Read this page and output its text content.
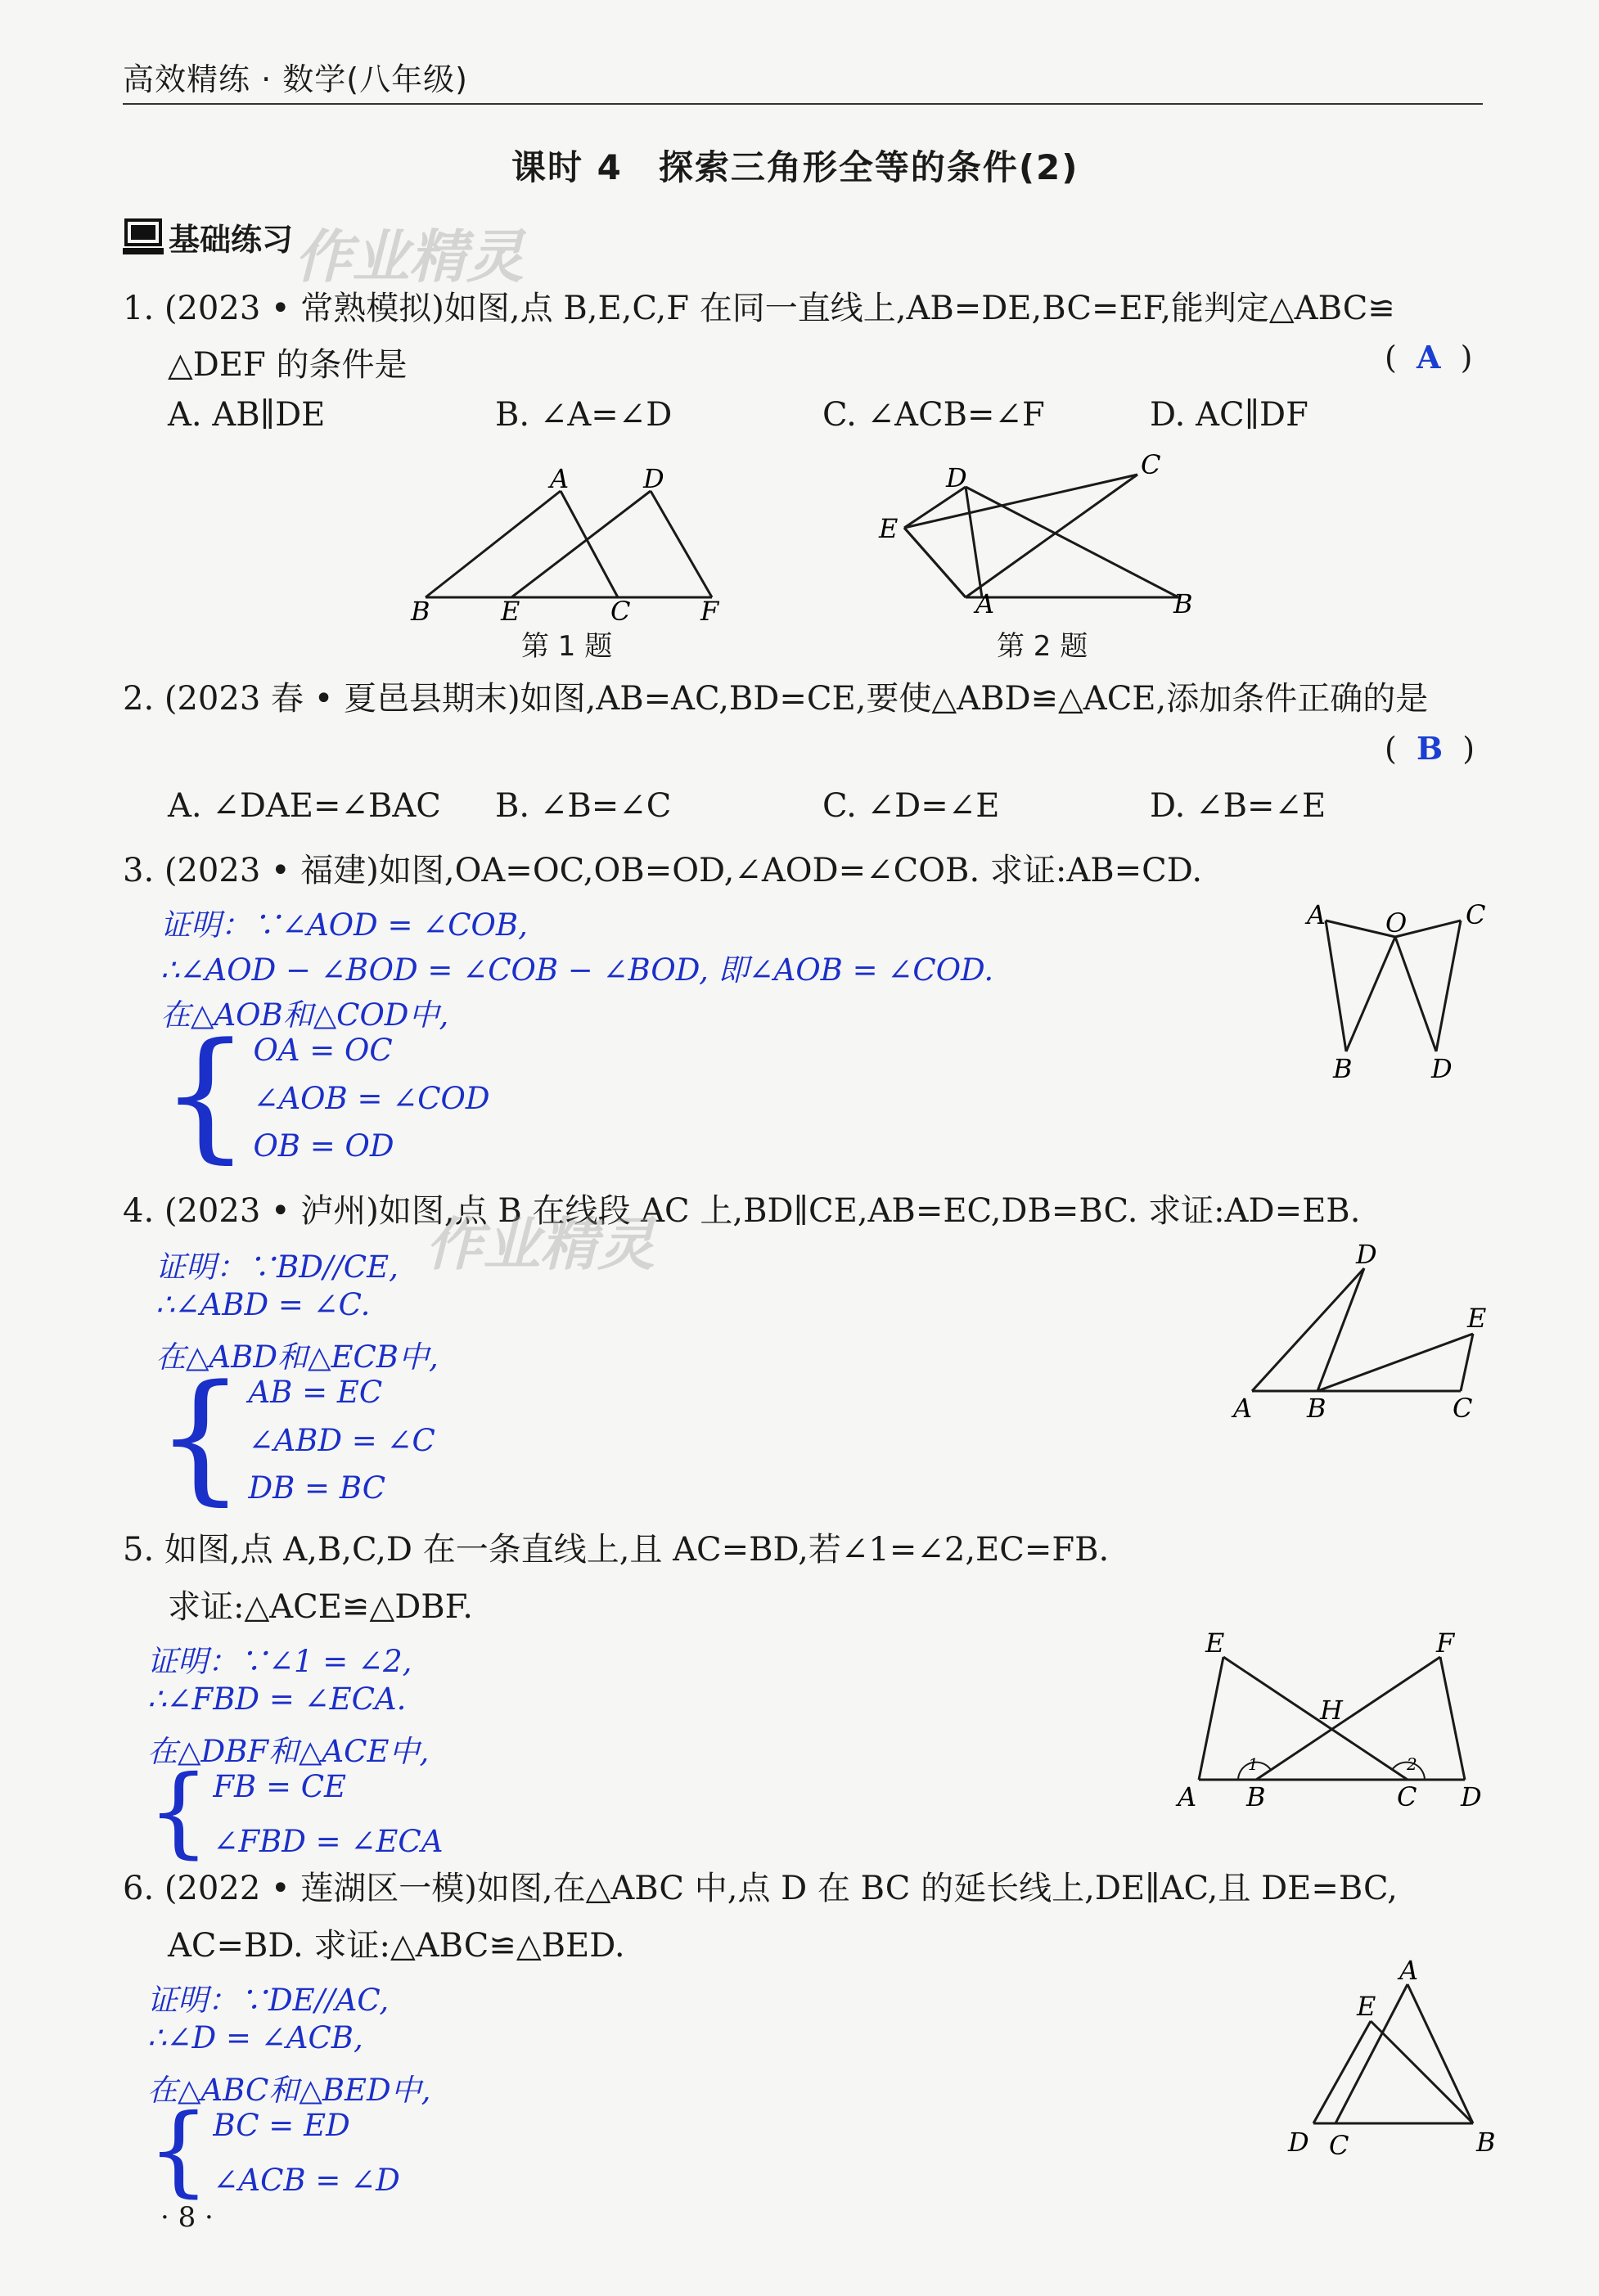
高效精练 · 数学(八年级)
课时 4　探索三角形全等的条件(2)
基础练习 作业精灵
1. (2023 • 常熟模拟)如图,点 B,E,C,F 在同一直线上,AB=DE,BC=EF,能判定△ABC≌
△DEF 的条件是	( A )
A. AB∥DE	B. ∠A=∠D	C. ∠ACB=∠F	D. AC∥DF
A	D
B	E	C	F
第 1 题
D	C
E
A	B
第 2 题
2. (2023 春 • 夏邑县期末)如图,AB=AC,BD=CE,要使△ABD≌△ACE,添加条件正确的是
( B )
A. ∠DAE=∠BAC B. ∠B=∠C	C. ∠D=∠E	D. ∠B=∠E
3. (2023 • 福建)如图,OA=OC,OB=OD,∠AOD=∠COB. 求证:AB=CD.
证明：∵∠AOD = ∠COB,
∴∠AOD − ∠BOD = ∠COB − ∠BOD, 即∠AOB = ∠COD.
在△AOB和△COD中,
{ OA = OC
∠AOB = ∠COD
OB = OD
A O C
B	D
4. (2023 • 泸州)如图,点 B 在线段 AC 上,BD∥CE,AB=EC,DB=BC. 求证:AD=EB.
作业精灵
证明：∵BD//CE,
∴∠ABD = ∠C.
在△ABD和△ECB中,
{ AB = EC
∠ABD = ∠C
DB = BC
D
E
A B	C
5. 如图,点 A,B,C,D 在一条直线上,且 AC=BD,若∠1=∠2,EC=FB.
求证:△ACE≌△DBF.
证明：∵∠1 = ∠2,
∴∠FBD = ∠ECA.
在△DBF和△ACE中,
{ FB = CE
∠FBD = ∠ECA
E	F
H
1	2
A B	C D
6. (2022 • 莲湖区一模)如图,在△ABC 中,点 D 在 BC 的延长线上,DE∥AC,且 DE=BC,
AC=BD. 求证:△ABC≌△BED.
证明：∵DE//AC,
∴∠D = ∠ACB,
在△ABC和△BED中,
{ BC = ED
∠ACB = ∠D
A
E
D C	B
· 8 ·
